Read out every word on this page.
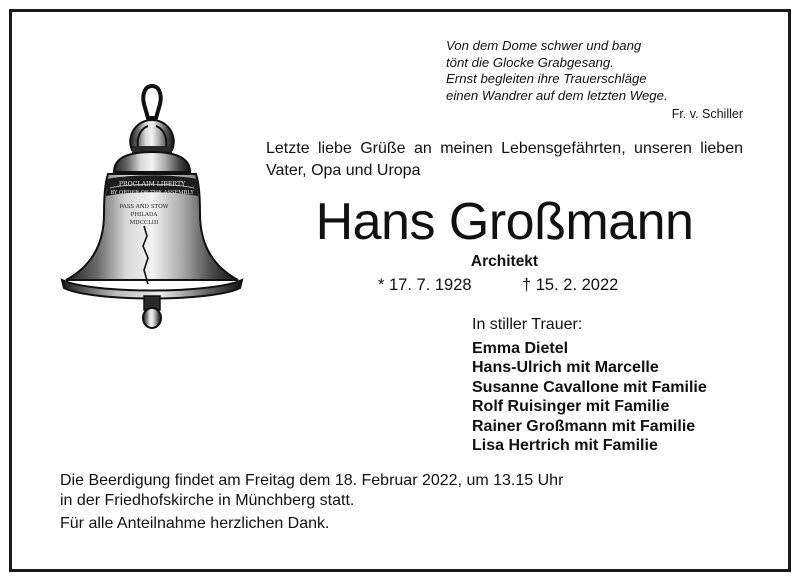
Von dem Dome schwer und bang
tönt die Glocke Grabgesang.
Ernst begleiten ihre Trauerschläge
einen Wandrer auf dem letzten Wege.
Fr. v. Schiller
PROCLAIM LIBERTY
BY ORDER OF THE ASSEMBLY
PASS AND STOW
PHILADA
MDCCLIII
Letzte liebe Grüße an meinen Lebensgefährten, unseren lieben Vater, Opa und Uropa
Hans Großmann
Architekt
* 17. 7. 1928	† 15. 2. 2022
In stiller Trauer:
Emma Dietel
Hans-Ulrich mit Marcelle
Susanne Cavallone mit Familie
Rolf Ruisinger mit Familie
Rainer Großmann mit Familie
Lisa Hertrich mit Familie
Die Beerdigung findet am Freitag dem 18. Februar 2022, um 13.15 Uhr
in der Friedhofskirche in Münchberg statt.
Für alle Anteilnahme herzlichen Dank.
